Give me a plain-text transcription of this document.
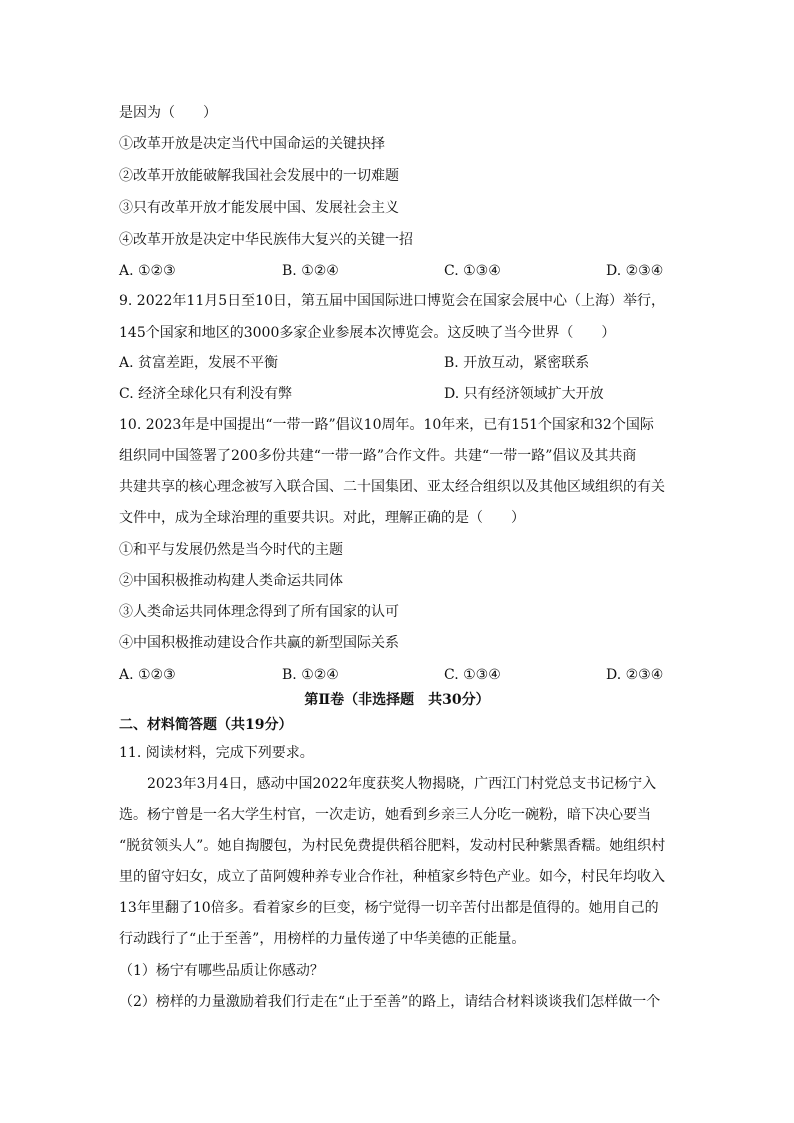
是因为（　　）
①改革开放是决定当代中国命运的关键抉择
②改革开放能破解我国社会发展中的一切难题
③只有改革开放才能发展中国、发展社会主义
④改革开放是决定中华民族伟大复兴的关键一招
A. ①②③	B. ①②④	C. ①③④	D. ②③④
9. 2022年11月5日至10日，第五届中国国际进口博览会在国家会展中心（上海）举行，
145个国家和地区的3000多家企业参展本次博览会。这反映了当今世界（　　）
A. 贫富差距，发展不平衡	B. 开放互动，紧密联系
C. 经济全球化只有利没有弊	D. 只有经济领域扩大开放
10. 2023年是中国提出“一带一路”倡议10周年。10年来，已有151个国家和32个国际
组织同中国签署了200多份共建“一带一路”合作文件。共建“一带一路”倡议及其共商
共建共享的核心理念被写入联合国、二十国集团、亚太经合组织以及其他区域组织的有关
文件中，成为全球治理的重要共识。对此，理解正确的是（　　）
①和平与发展仍然是当今时代的主题
②中国积极推动构建人类命运共同体
③人类命运共同体理念得到了所有国家的认可
④中国积极推动建设合作共赢的新型国际关系
A. ①②③	B. ①②④	C. ①③④	D. ②③④
第Ⅱ卷（非选择题　共30分）
二、材料简答题（共19分）
11. 阅读材料，完成下列要求。
2023年3月4日，感动中国2022年度获奖人物揭晓，广西江门村党总支书记杨宁入
选。杨宁曾是一名大学生村官，一次走访，她看到乡亲三人分吃一碗粉，暗下决心要当
“脱贫领头人”。她自掏腰包，为村民免费提供稻谷肥料，发动村民种紫黑香糯。她组织村
里的留守妇女，成立了苗阿嫂种养专业合作社，种植家乡特色产业。如今，村民年均收入
13年里翻了10倍多。看着家乡的巨变，杨宁觉得一切辛苦付出都是值得的。她用自己的
行动践行了“止于至善”，用榜样的力量传递了中华美德的正能量。
（1）杨宁有哪些品质让你感动？
（2）榜样的力量激励着我们行走在“止于至善”的路上，请结合材料谈谈我们怎样做一个
